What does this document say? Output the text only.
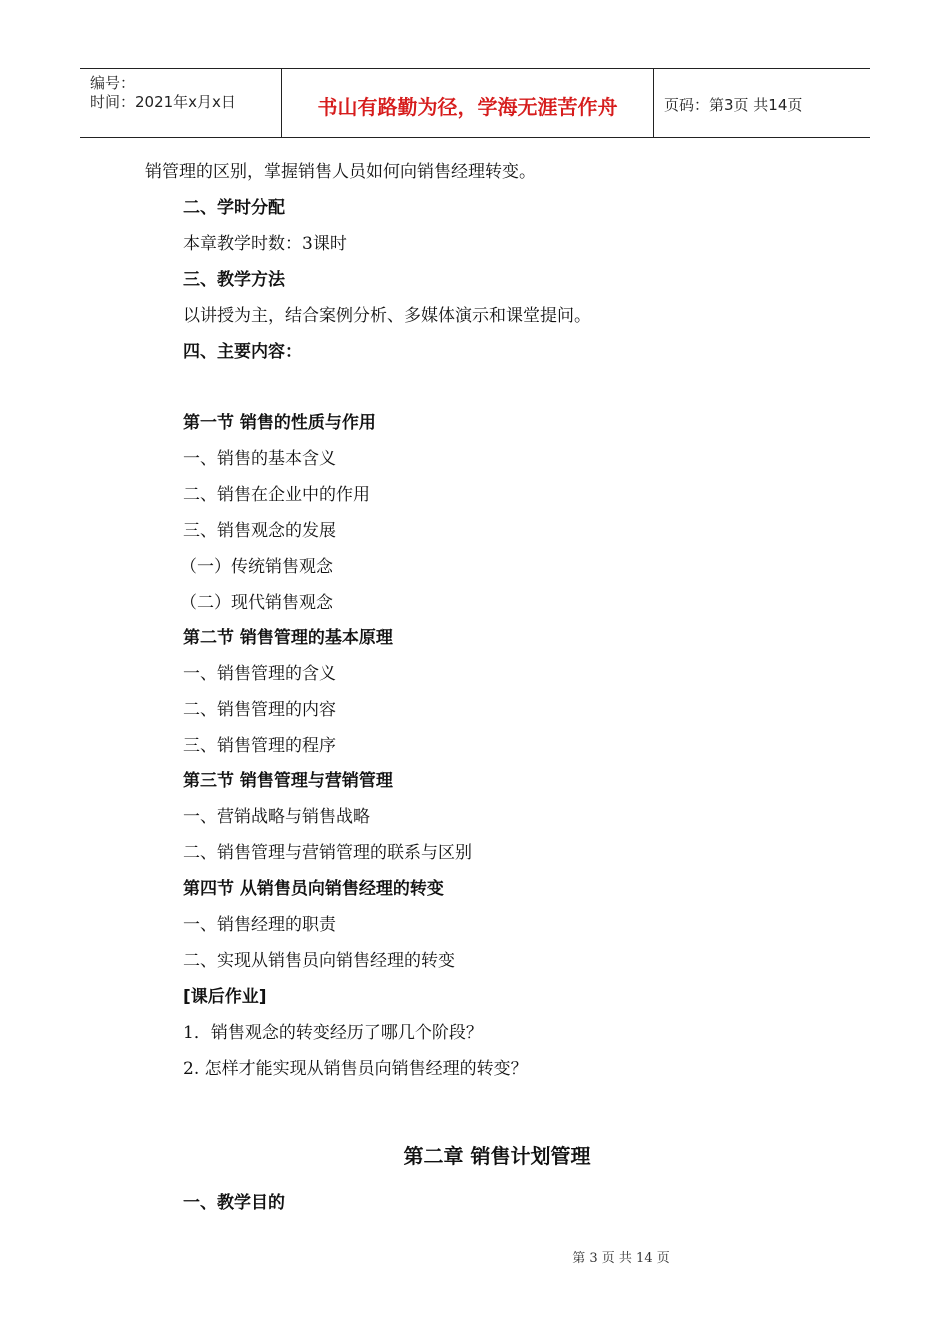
编号：
时间：2021年x月x日	书山有路勤为径，学海无涯苦作舟	页码：第3页 共14页
销管理的区别，掌握销售人员如何向销售经理转变。
二、学时分配
本章教学时数：3课时
三、教学方法
以讲授为主，结合案例分析、多媒体演示和课堂提问。
四、主要内容：
第一节 销售的性质与作用
一、销售的基本含义
二、销售在企业中的作用
三、销售观念的发展
（一）传统销售观念
（二）现代销售观念
第二节 销售管理的基本原理
一、销售管理的含义
二、销售管理的内容
三、销售管理的程序
第三节 销售管理与营销管理
一、营销战略与销售战略
二、销售管理与营销管理的联系与区别
第四节 从销售员向销售经理的转变
一、销售经理的职责
二、实现从销售员向销售经理的转变
[课后作业]
1．销售观念的转变经历了哪几个阶段？
2. 怎样才能实现从销售员向销售经理的转变？
第二章 销售计划管理
一、教学目的
第 3 页 共 14 页
